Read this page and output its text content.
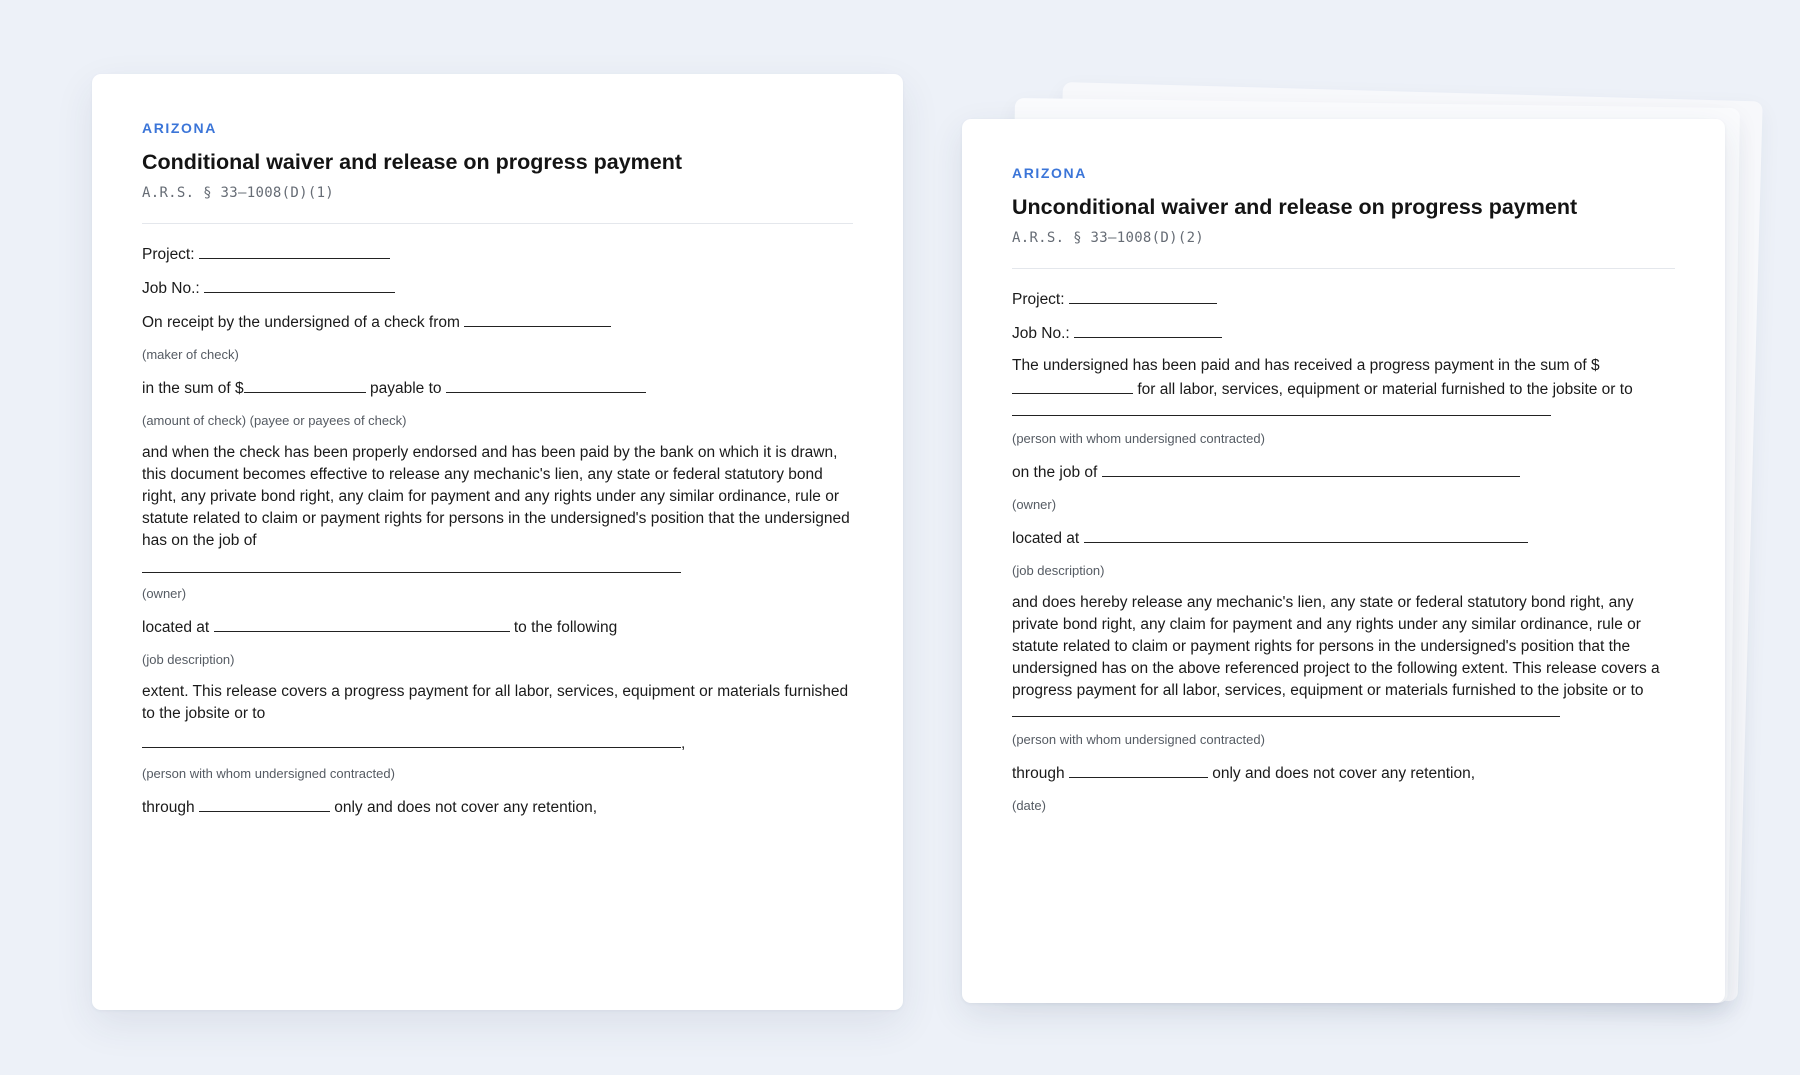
ARIZONA
Conditional waiver and release on progress payment
A.R.S. § 33–1008(D)(1)
Project:
Job No.:
On receipt by the undersigned of a check from
(maker of check)
in the sum of $	payable to
(amount of check) (payee or payees of check)
and when the check has been properly endorsed and has been paid by the bank on which it is drawn, this document becomes effective to release any mechanic's lien, any state or federal statutory bond right, any private bond right, any claim for payment and any rights under any similar ordinance, rule or statute related to claim or payment rights for persons in the undersigned's position that the undersigned has on the job of
(owner)
located at	to the following
(job description)
extent. This release covers a progress payment for all labor, services, equipment or materials furnished to the jobsite or to
,
(person with whom undersigned contracted)
through	only and does not cover any retention,
ARIZONA
Unconditional waiver and release on progress payment
A.R.S. § 33–1008(D)(2)
Project:
Job No.:
The undersigned has been paid and has received a progress payment in the sum of $ for all labor, services, equipment or material furnished to the jobsite or to
(person with whom undersigned contracted)
on the job of
(owner)
located at
(job description)
and does hereby release any mechanic's lien, any state or federal statutory bond right, any private bond right, any claim for payment and any rights under any similar ordinance, rule or statute related to claim or payment rights for persons in the undersigned's position that the undersigned has on the above referenced project to the following extent. This release covers a progress payment for all labor, services, equipment or materials furnished to the jobsite or to
(person with whom undersigned contracted)
through	only and does not cover any retention,
(date)
